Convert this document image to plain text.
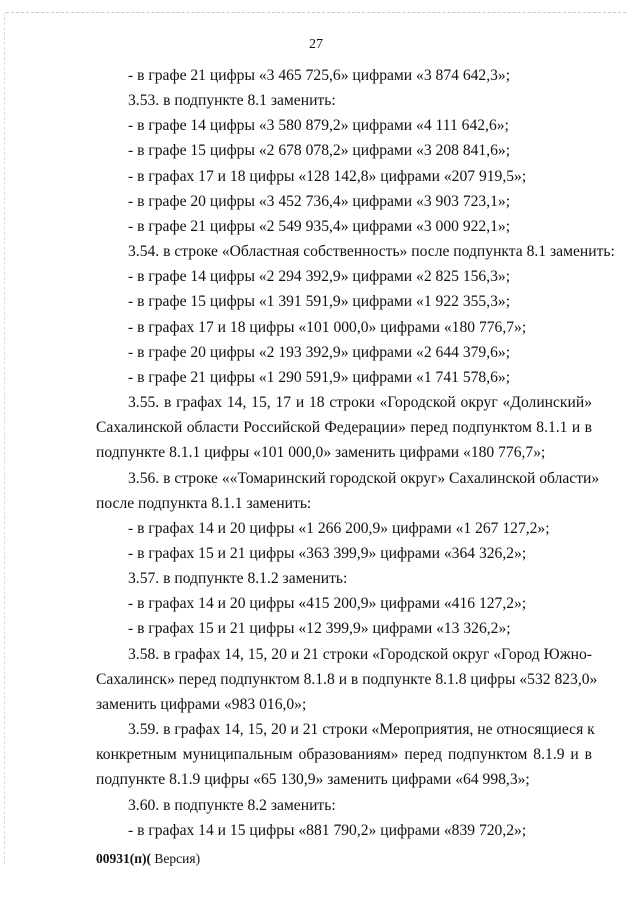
27
- в графе 21 цифры «3 465 725,6» цифрами «3 874 642,3»;
3.53. в подпункте 8.1 заменить:
- в графе 14 цифры «3 580 879,2» цифрами «4 111 642,6»;
- в графе 15 цифры «2 678 078,2» цифрами «3 208 841,6»;
- в графах 17 и 18 цифры «128 142,8» цифрами «207 919,5»;
- в графе 20 цифры «3 452 736,4» цифрами «3 903 723,1»;
- в графе 21 цифры «2 549 935,4» цифрами «3 000 922,1»;
3.54. в строке «Областная собственность» после подпункта 8.1 заменить:
- в графе 14 цифры «2 294 392,9» цифрами «2 825 156,3»;
- в графе 15 цифры «1 391 591,9» цифрами «1 922 355,3»;
- в графах 17 и 18 цифры «101 000,0» цифрами «180 776,7»;
- в графе 20 цифры «2 193 392,9» цифрами «2 644 379,6»;
- в графе 21 цифры «1 290 591,9» цифрами «1 741 578,6»;
3.55. в графах 14, 15, 17 и 18 строки «Городской округ «Долинский»
Сахалинской области Российской Федерации» перед подпунктом 8.1.1 и в
подпункте 8.1.1 цифры «101 000,0» заменить цифрами «180 776,7»;
3.56. в строке ««Томаринский городской округ» Сахалинской области»
после подпункта 8.1.1 заменить:
- в графах 14 и 20 цифры «1 266 200,9» цифрами «1 267 127,2»;
- в графах 15 и 21 цифры «363 399,9» цифрами «364 326,2»;
3.57. в подпункте 8.1.2 заменить:
- в графах 14 и 20 цифры «415 200,9» цифрами «416 127,2»;
- в графах 15 и 21 цифры «12 399,9» цифрами «13 326,2»;
3.58. в графах 14, 15, 20 и 21 строки «Городской округ «Город Южно-
Сахалинск» перед подпунктом 8.1.8 и в подпункте 8.1.8 цифры «532 823,0»
заменить цифрами «983 016,0»;
3.59. в графах 14, 15, 20 и 21 строки «Мероприятия, не относящиеся к
конкретным муниципальным образованиям» перед подпунктом 8.1.9 и в
подпункте 8.1.9 цифры «65 130,9» заменить цифрами «64 998,3»;
3.60. в подпункте 8.2 заменить:
- в графах 14 и 15 цифры «881 790,2» цифрами «839 720,2»;
00931(п)( Версия)
